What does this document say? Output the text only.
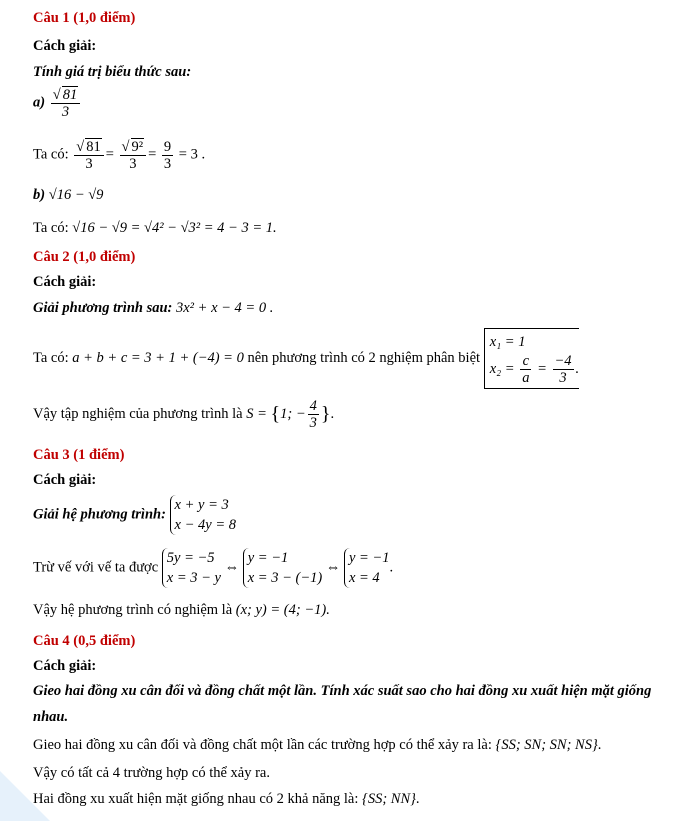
Câu 1 (1,0 điểm)
Cách giải:
Tính giá trị biểu thức sau:
$a) \frac{√ 81}{3}$
Ta có: $\frac{√ 81}{3} = \frac{\text{√ 9²}}{3} = \frac{9}{3} = 3$ .
b) √16 − √9
Ta có: √16 − √9 = √4² − √3² = 4 − 3 = 1.
Câu 2 (1,0 điểm)
Cách giải:
Giải phương trình sau: 3x² + x − 4 = 0 .
Ta có: a + b + c = 3 + 1 + (−4) = 0 nên phương trình có 2 nghiệm phân biệt
x₁ = 1
$x_2 = \frac{c}{a} = \frac{-4}{3}$ .
Vậy tập nghiệm của phương trình là S = {1; − $\frac{4}{3}$ }.
Câu 3 (1 điểm)
Cách giải:
Giải hệ phương trình:
x + y = 3
x − 4y = 8
Trừ vế với vế ta được
5y = −5
x = 3 − y
⇔
y = −1
x = 3 − (−1)
⇔
y = −1
x = 4
.
Vậy hệ phương trình có nghiệm là (x; y) = (4; −1).
Câu 4 (0,5 điểm)
Cách giải:
Gieo hai đồng xu cân đối và đồng chất một lần. Tính xác suất sao cho hai đồng xu xuất hiện mặt giống
nhau.
Gieo hai đồng xu cân đối và đồng chất một lần các trường hợp có thể xảy ra là: {SS; SN; SN; NS}.
Vậy có tất cả 4 trường hợp có thể xảy ra.
Hai đồng xu xuất hiện mặt giống nhau có 2 khả năng là: {SS; NN}.
